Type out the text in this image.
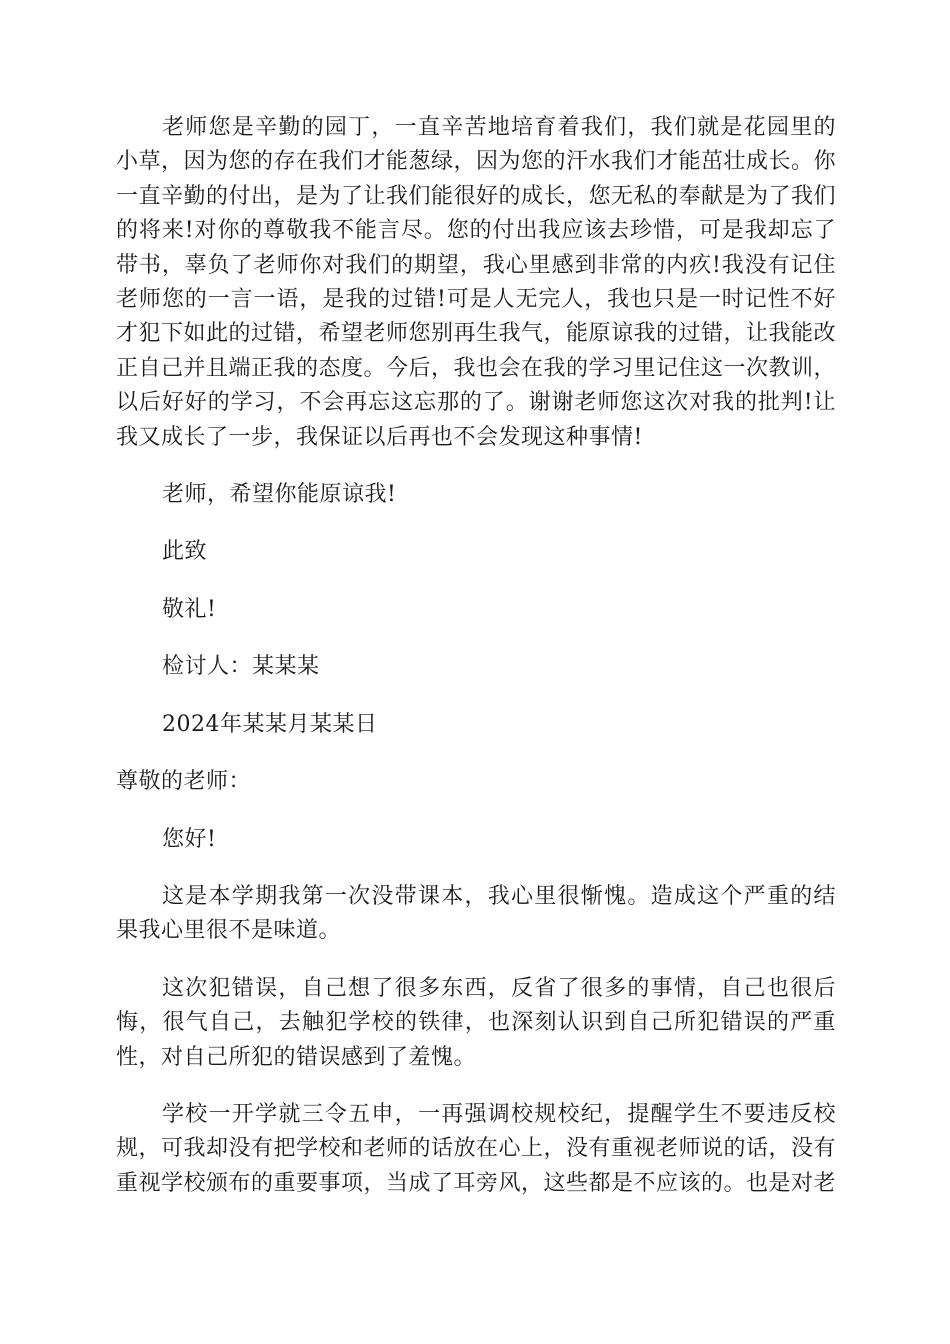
老师您是辛勤的园丁，一直辛苦地培育着我们，我们就是花园里的小草，因为您的存在我们才能葱绿，因为您的汗水我们才能茁壮成长。你一直辛勤的付出，是为了让我们能很好的成长，您无私的奉献是为了我们的将来!对你的尊敬我不能言尽。您的付出我应该去珍惜，可是我却忘了带书，辜负了老师你对我们的期望，我心里感到非常的内疚!我没有记住老师您的一言一语，是我的过错!可是人无完人，我也只是一时记性不好才犯下如此的过错，希望老师您别再生我气，能原谅我的过错，让我能改正自己并且端正我的态度。今后，我也会在我的学习里记住这一次教训，以后好好的学习，不会再忘这忘那的了。谢谢老师您这次对我的批判!让我又成长了一步，我保证以后再也不会发现这种事情!

老师，希望你能原谅我!

此致

敬礼!

检讨人：某某某

2024年某某月某某日

尊敬的老师：

您好!

这是本学期我第一次没带课本，我心里很惭愧。造成这个严重的结果我心里很不是味道。

这次犯错误，自己想了很多东西，反省了很多的事情，自己也很后悔，很气自己，去触犯学校的铁律，也深刻认识到自己所犯错误的严重性，对自己所犯的错误感到了羞愧。

学校一开学就三令五申，一再强调校规校纪，提醒学生不要违反校规，可我却没有把学校和老师的话放在心上，没有重视老师说的话，没有重视学校颁布的重要事项，当成了耳旁风，这些都是不应该的。也是对老
